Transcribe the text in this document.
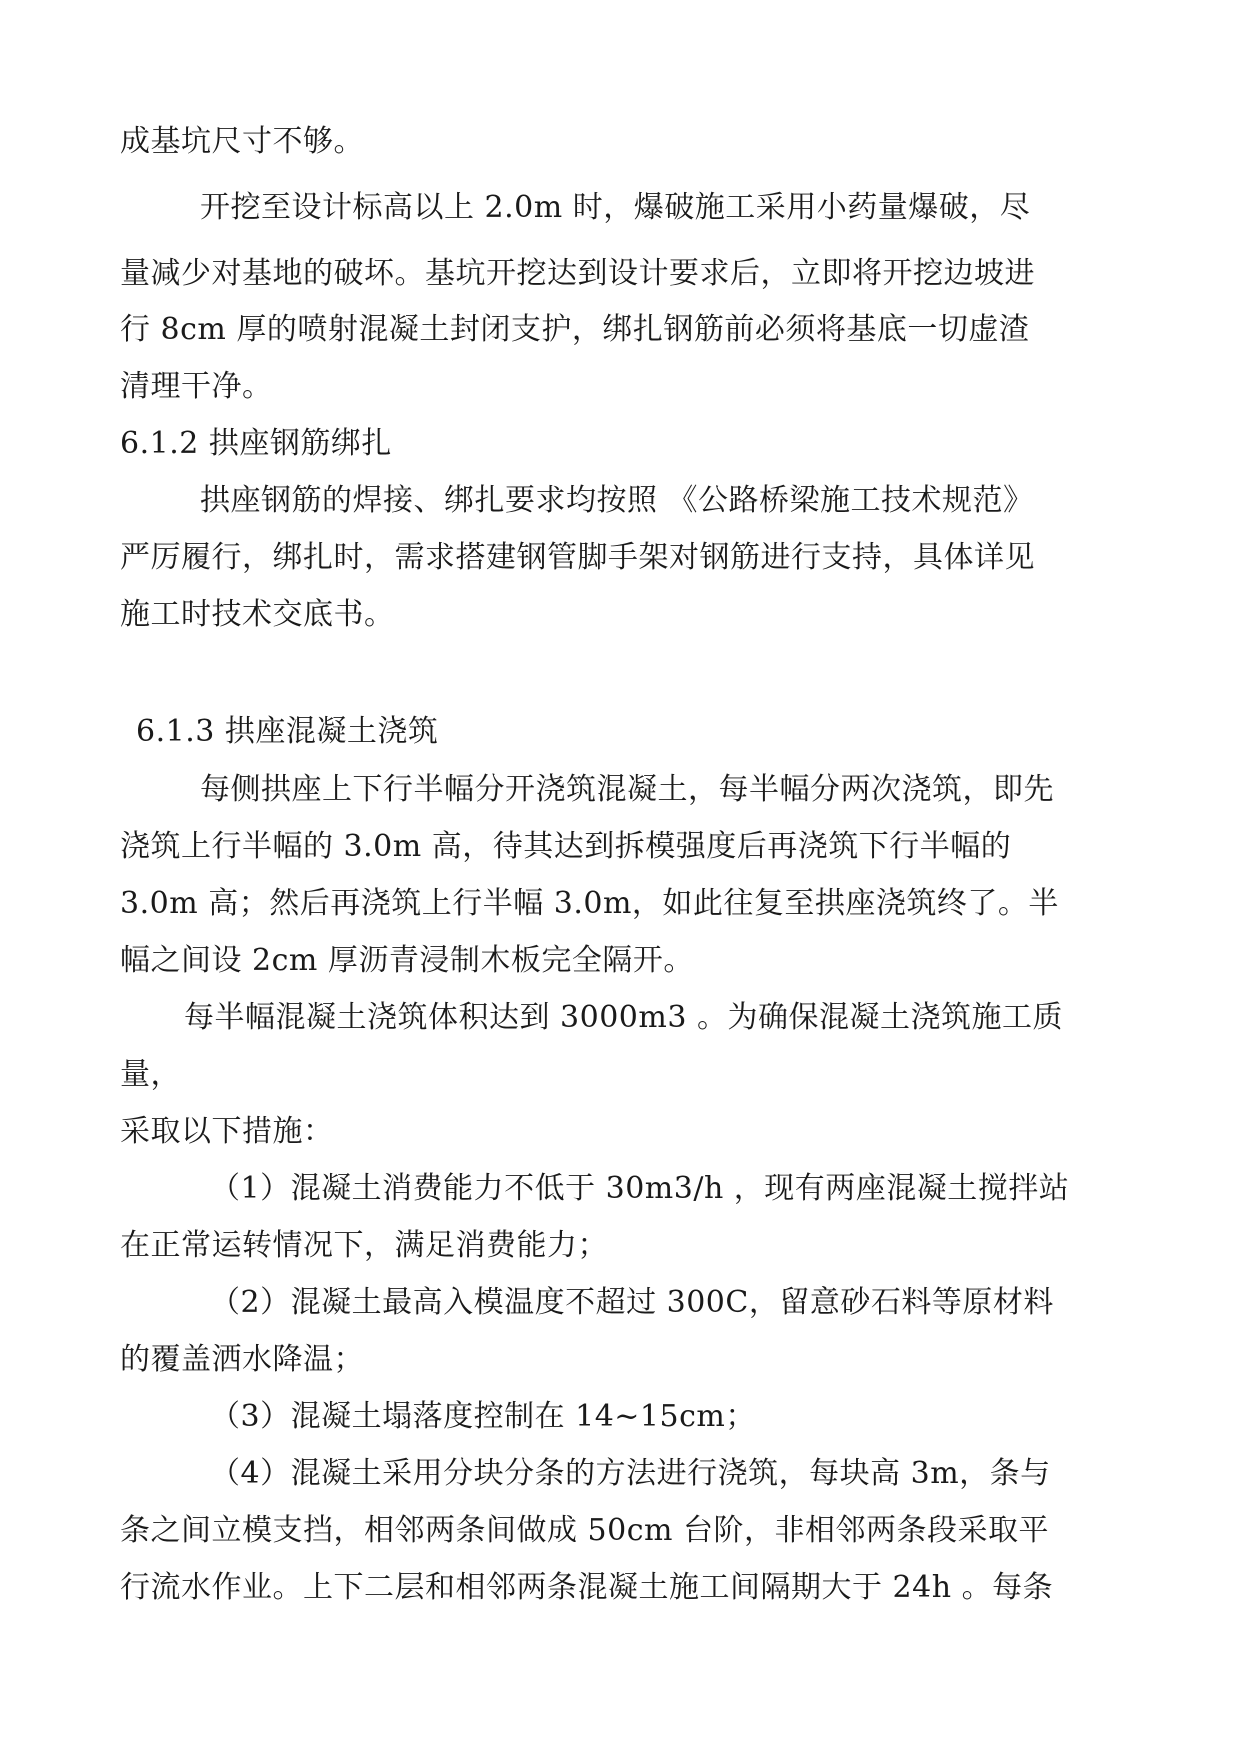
成基坑尺寸不够。
开挖至设计标高以上 2.0m 时，爆破施工采用小药量爆破，尽
量减少对基地的破坏。基坑开挖达到设计要求后，立即将开挖边坡进
行 8cm 厚的喷射混凝土封闭支护，绑扎钢筋前必须将基底一切虚渣
清理干净。
6.1.2 拱座钢筋绑扎
拱座钢筋的焊接、绑扎要求均按照 《公路桥梁施工技术规范》
严厉履行，绑扎时，需求搭建钢管脚手架对钢筋进行支持，具体详见
施工时技术交底书。
6.1.3 拱座混凝土浇筑
每侧拱座上下行半幅分开浇筑混凝土，每半幅分两次浇筑，即先
浇筑上行半幅的 3.0m 高，待其达到拆模强度后再浇筑下行半幅的
3.0m 高；然后再浇筑上行半幅 3.0m，如此往复至拱座浇筑终了。半
幅之间设 2cm 厚沥青浸制木板完全隔开。
每半幅混凝土浇筑体积达到 3000m3 。为确保混凝土浇筑施工质
量，
采取以下措施：
（1）混凝土消费能力不低于 30m3/h ，现有两座混凝土搅拌站
在正常运转情况下，满足消费能力；
（2）混凝土最高入模温度不超过 300C，留意砂石料等原材料
的覆盖洒水降温；
（3）混凝土塌落度控制在 14~15cm；
（4）混凝土采用分块分条的方法进行浇筑，每块高 3m，条与
条之间立模支挡，相邻两条间做成 50cm 台阶，非相邻两条段采取平
行流水作业。上下二层和相邻两条混凝土施工间隔期大于 24h 。每条
